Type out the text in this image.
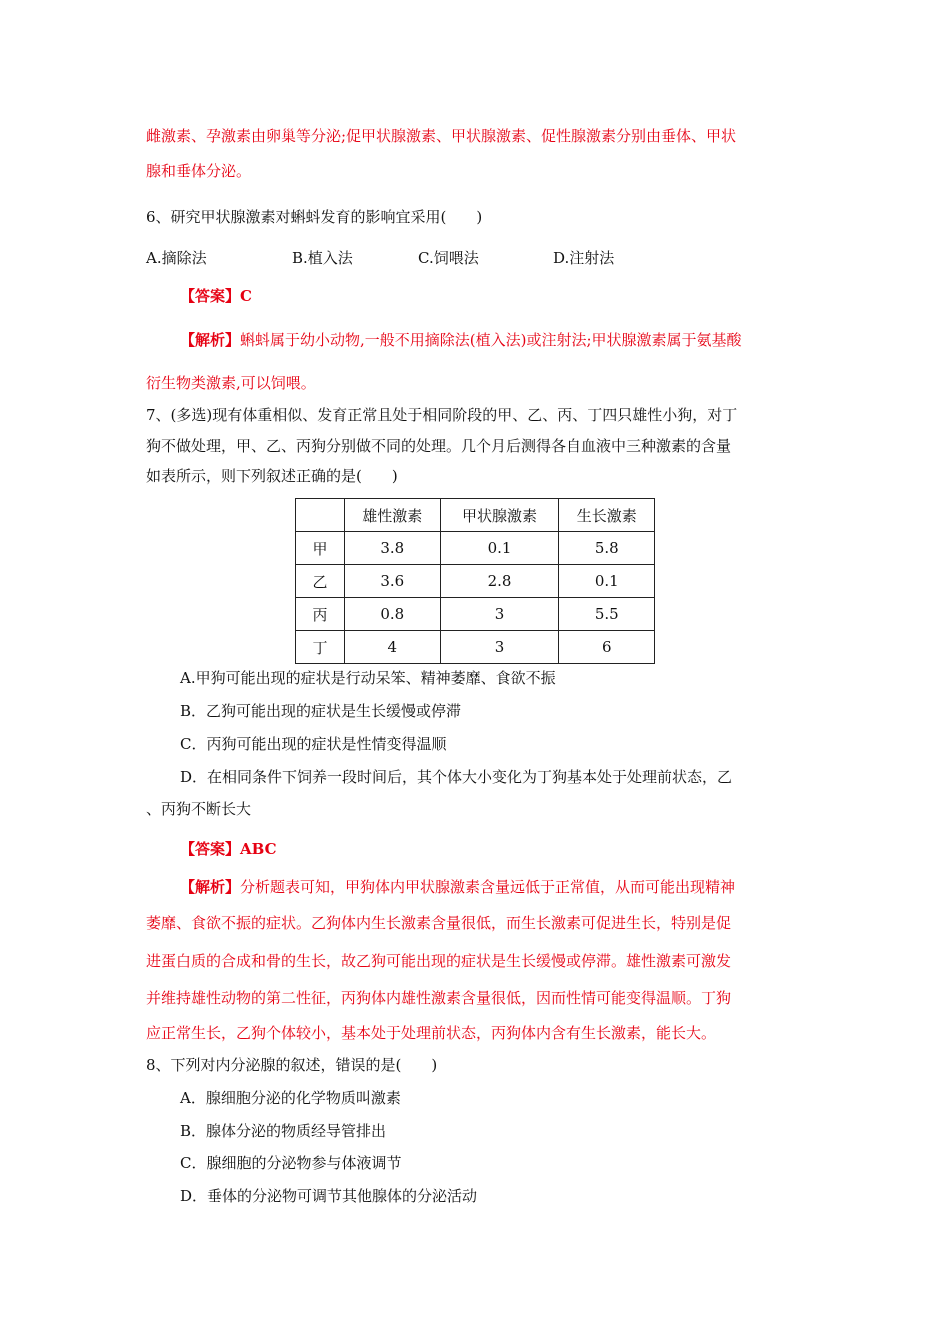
雌激素、孕激素由卵巢等分泌;促甲状腺激素、甲状腺激素、促性腺激素分别由垂体、甲状
腺和垂体分泌。
6、研究甲状腺激素对蝌蚪发育的影响宜采用(　　)
A.摘除法	B.植入法	C.饲喂法	D.注射法
【答案】C
【解析】蝌蚪属于幼小动物,一般不用摘除法(植入法)或注射法;甲状腺激素属于氨基酸
衍生物类激素,可以饲喂。
7、(多选)现有体重相似、发育正常且处于相同阶段的甲、乙、丙、丁四只雄性小狗，对丁
狗不做处理，甲、乙、丙狗分别做不同的处理。几个月后测得各自血液中三种激素的含量
如表所示，则下列叙述正确的是(　　)
	雄性激素	甲状腺激素	生长激素
甲	3.8	0.1	5.8
乙	3.6	2.8	0.1
丙	0.8	3	5.5
丁	4	3	6
A.甲狗可能出现的症状是行动呆笨、精神萎靡、食欲不振
B．乙狗可能出现的症状是生长缓慢或停滞
C．丙狗可能出现的症状是性情变得温顺
D．在相同条件下饲养一段时间后，其个体大小变化为丁狗基本处于处理前状态，乙
、丙狗不断长大
【答案】ABC
【解析】分析题表可知，甲狗体内甲状腺激素含量远低于正常值，从而可能出现精神
萎靡、食欲不振的症状。乙狗体内生长激素含量很低，而生长激素可促进生长，特别是促
进蛋白质的合成和骨的生长，故乙狗可能出现的症状是生长缓慢或停滞。雄性激素可激发
并维持雄性动物的第二性征，丙狗体内雄性激素含量很低，因而性情可能变得温顺。丁狗
应正常生长，乙狗个体较小，基本处于处理前状态，丙狗体内含有生长激素，能长大。
8、下列对内分泌腺的叙述，错误的是(　　)
A．腺细胞分泌的化学物质叫激素
B．腺体分泌的物质经导管排出
C．腺细胞的分泌物参与体液调节
D．垂体的分泌物可调节其他腺体的分泌活动
